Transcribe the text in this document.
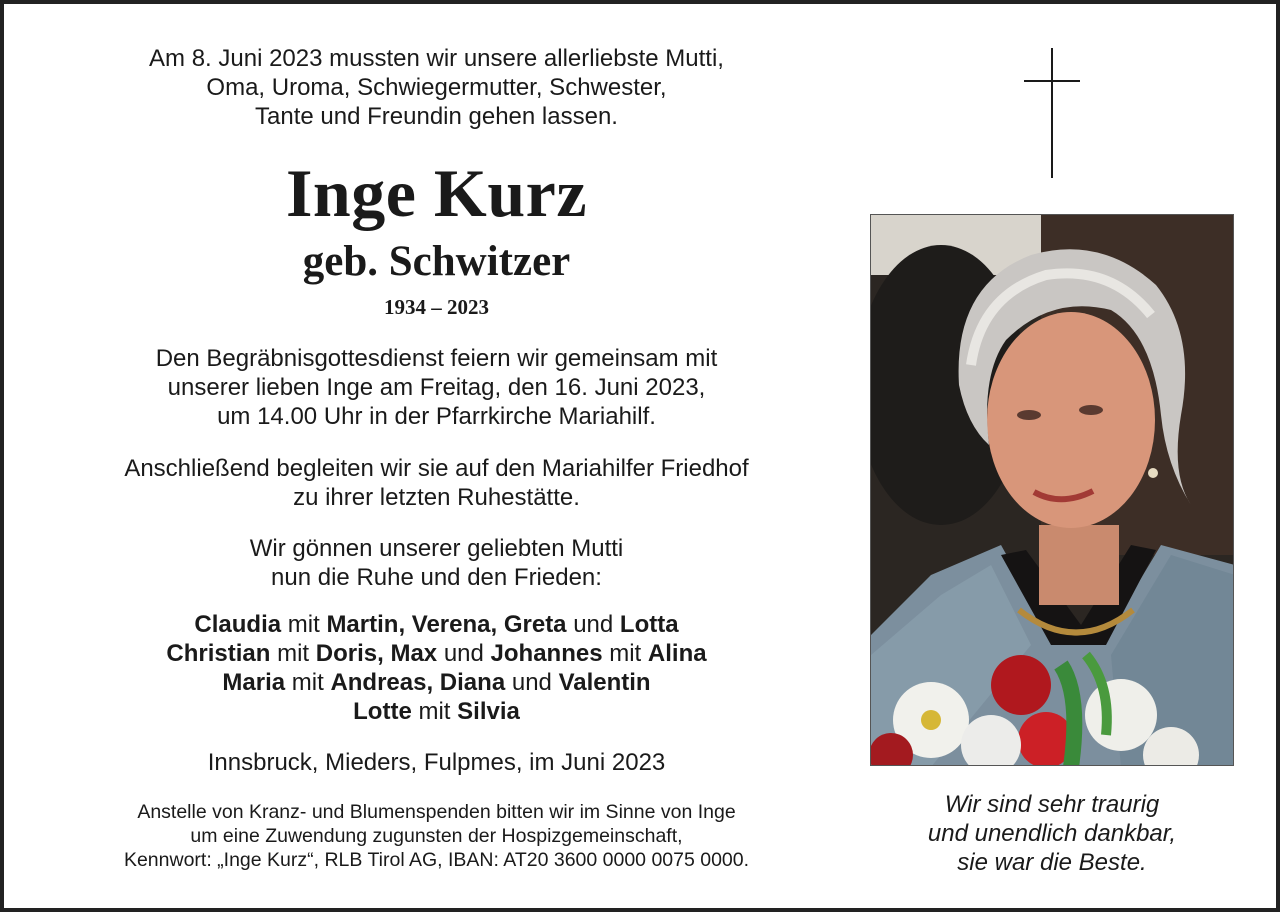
Am 8. Juni 2023 mussten wir unsere allerliebste Mutti,
Oma, Uroma, Schwiegermutter, Schwester,
Tante und Freundin gehen lassen.
Inge Kurz
geb. Schwitzer
1934 – 2023
Den Begräbnisgottesdienst feiern wir gemeinsam mit
unserer lieben Inge am Freitag, den 16. Juni 2023,
um 14.00 Uhr in der Pfarrkirche Mariahilf.
Anschließend begleiten wir sie auf den Mariahilfer Friedhof
zu ihrer letzten Ruhestätte.
Wir gönnen unserer geliebten Mutti
nun die Ruhe und den Frieden:
Claudia mit Martin, Verena, Greta und Lotta
Christian mit Doris, Max und Johannes mit Alina
Maria mit Andreas, Diana und Valentin
Lotte mit Silvia
Innsbruck, Mieders, Fulpmes, im Juni 2023
Anstelle von Kranz- und Blumenspenden bitten wir im Sinne von Inge
um eine Zuwendung zugunsten der Hospizgemeinschaft,
Kennwort: „Inge Kurz“, RLB Tirol AG, IBAN: AT20 3600 0000 0075 0000.
Wir sind sehr traurig
und unendlich dankbar,
sie war die Beste.
